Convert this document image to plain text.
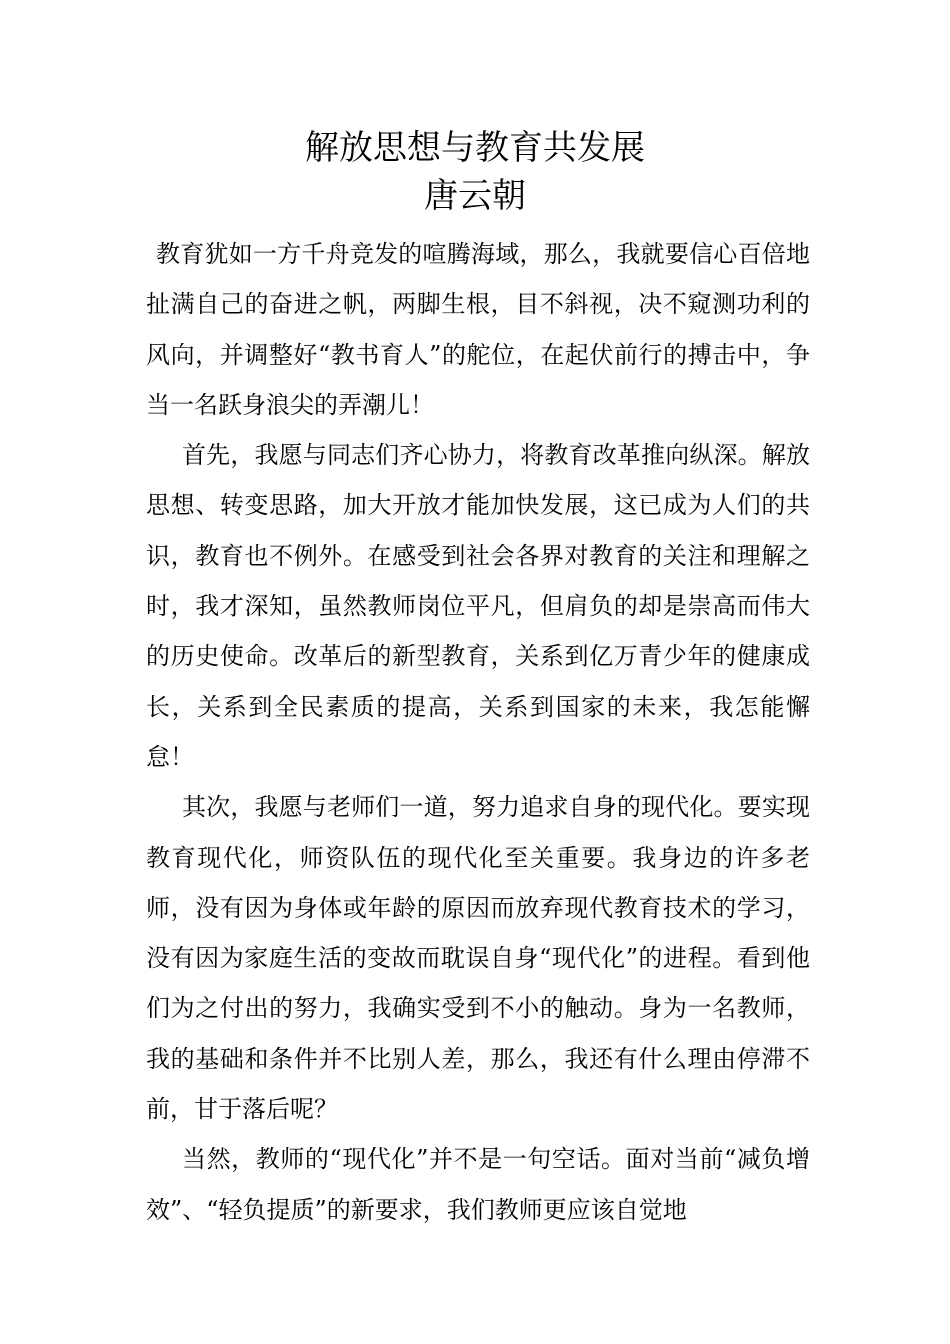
解放思想与教育共发展
唐云朝

教育犹如一方千舟竞发的喧腾海域，那么，我就要信心百倍地扯满自己的奋进之帆，两脚生根，目不斜视，决不窥测功利的风向，并调整好“教书育人”的舵位，在起伏前行的搏击中，争当一名跃身浪尖的弄潮儿！

首先，我愿与同志们齐心协力，将教育改革推向纵深。解放思想、转变思路，加大开放才能加快发展，这已成为人们的共识，教育也不例外。在感受到社会各界对教育的关注和理解之时，我才深知，虽然教师岗位平凡，但肩负的却是崇高而伟大的历史使命。改革后的新型教育，关系到亿万青少年的健康成长，关系到全民素质的提高，关系到国家的未来，我怎能懈怠！

其次，我愿与老师们一道，努力追求自身的现代化。要实现教育现代化，师资队伍的现代化至关重要。我身边的许多老师，没有因为身体或年龄的原因而放弃现代教育技术的学习，没有因为家庭生活的变故而耽误自身“现代化”的进程。看到他们为之付出的努力，我确实受到不小的触动。身为一名教师，我的基础和条件并不比别人差，那么，我还有什么理由停滞不前，甘于落后呢？

当然，教师的“现代化”并不是一句空话。面对当前“减负增效”、“轻负提质”的新要求，我们教师更应该自觉地
